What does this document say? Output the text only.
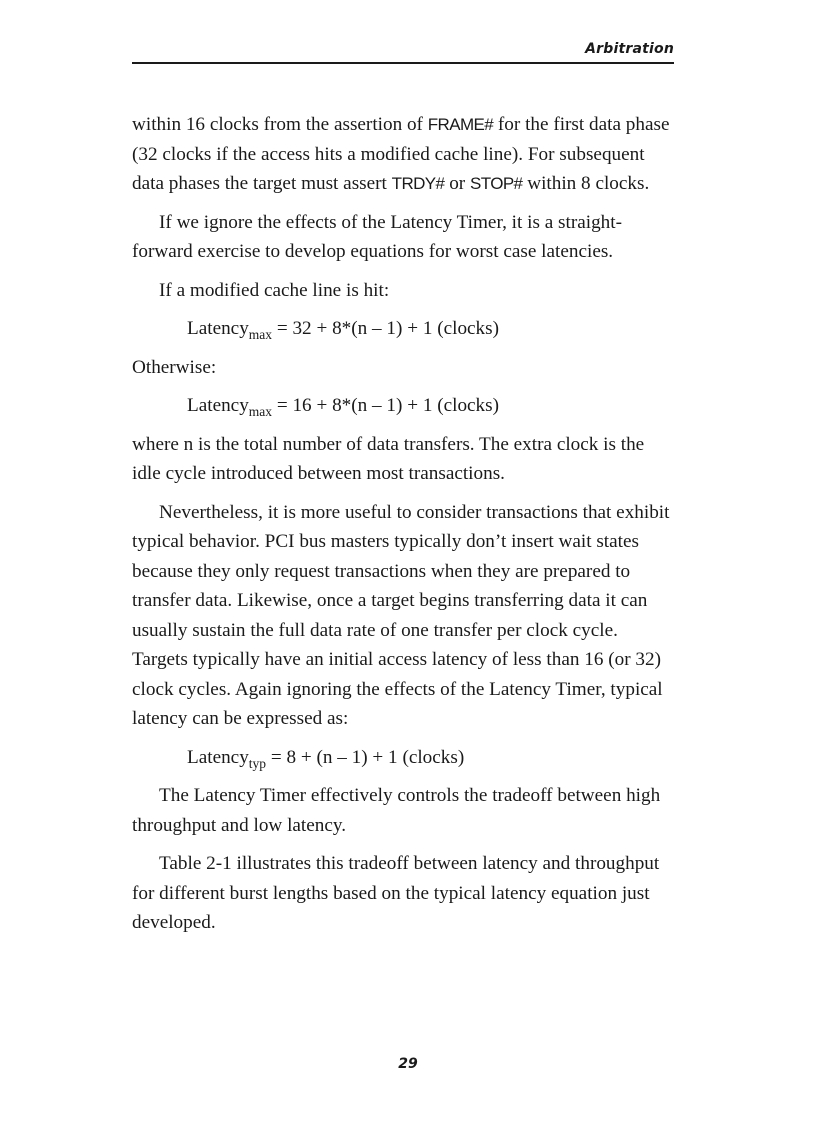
Arbitration

within 16 clocks from the assertion of FRAME# for the first data phase (32 clocks if the access hits a modified cache line). For subsequent data phases the target must assert TRDY# or STOP# within 8 clocks.

If we ignore the effects of the Latency Timer, it is a straight-forward exercise to develop equations for worst case latencies.

If a modified cache line is hit:

Latency$_{max}$ = 32 + 8*(n – 1) + 1 (clocks)

Otherwise:

Latency$_{max}$ = 16 + 8*(n – 1) + 1 (clocks)

where n is the total number of data transfers. The extra clock is the idle cycle introduced between most transactions.

Nevertheless, it is more useful to consider transactions that exhibit typical behavior. PCI bus masters typically don’t insert wait states because they only request transactions when they are prepared to transfer data. Likewise, once a target begins transferring data it can usually sustain the full data rate of one transfer per clock cycle. Targets typically have an initial access latency of less than 16 (or 32) clock cycles. Again ignoring the effects of the Latency Timer, typical latency can be expressed as:

Latency$_{typ}$ = 8 + (n – 1) + 1 (clocks)

The Latency Timer effectively controls the tradeoff between high throughput and low latency.

Table 2-1 illustrates this tradeoff between latency and throughput for different burst lengths based on the typical latency equation just developed.

29
